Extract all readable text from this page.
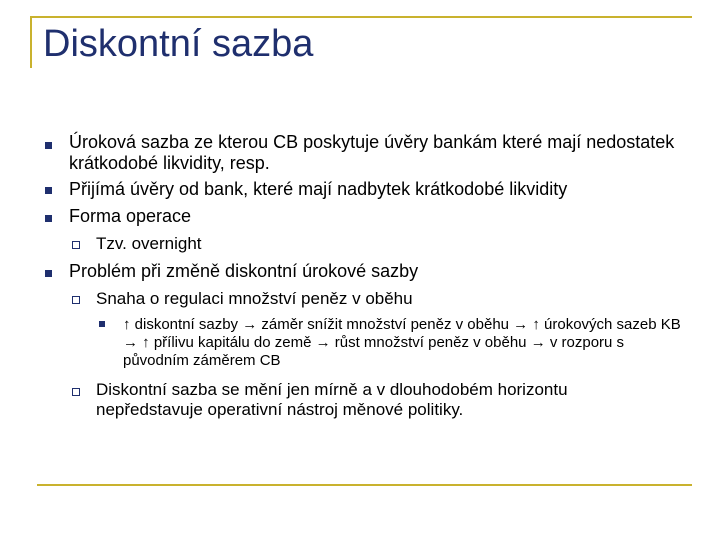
Diskontní sazba
Úroková sazba ze kterou CB poskytuje úvěry bankám které mají nedostatek krátkodobé likvidity, resp.
Přijímá úvěry od bank, které mají nadbytek krátkodobé likvidity
Forma operace
Tzv. overnight
Problém při změně diskontní úrokové sazby
Snaha o regulaci množství peněz v oběhu
↑ diskontní sazby → záměr snížit množství peněz v oběhu → ↑ úrokových sazeb KB → ↑ přílivu kapitálu do země → růst množství peněz v oběhu → v rozporu s původním záměrem CB
Diskontní sazba se mění jen mírně a v dlouhodobém horizontu nepředstavuje operativní nástroj měnové politiky.
